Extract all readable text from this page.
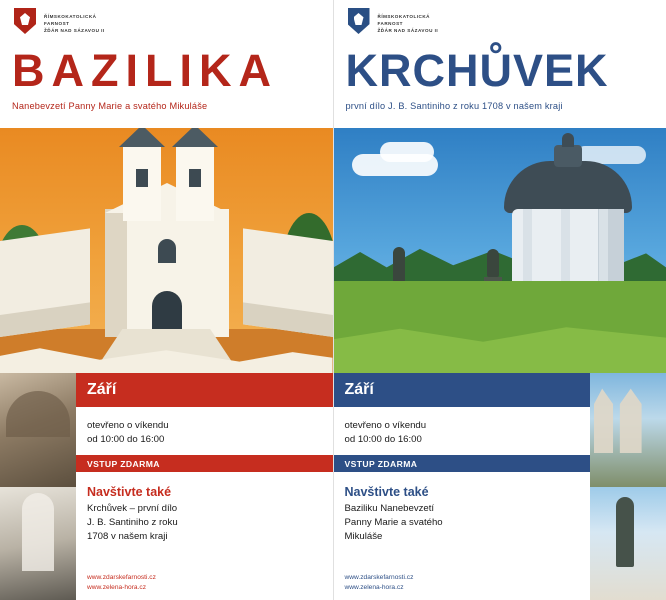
ŘÍMSKOKATOLICKÁ
FARNOST
ŽĎÁR NAD SÁZAVOU II
BAZILIKA
Nanebevzetí Panny Marie a svatého Mikuláše
Září
otevřeno o víkendu
od 10:00 do 16:00
VSTUP ZDARMA
Navštivte také
Krchůvek – první dílo
J. B. Santiniho z roku
1708 v našem kraji
www.zdarskefarnosti.cz
www.zelena-hora.cz
ŘÍMSKOKATOLICKÁ
FARNOST
ŽĎÁR NAD SÁZAVOU II
KRCHŮVEK
první dílo J. B. Santiniho z roku 1708 v našem kraji
Září
otevřeno o víkendu
od 10:00 do 16:00
VSTUP ZDARMA
Navštivte také
Baziliku Nanebevzetí
Panny Marie a svatého
Mikuláše
www.zdarskefarnosti.cz
www.zelena-hora.cz
